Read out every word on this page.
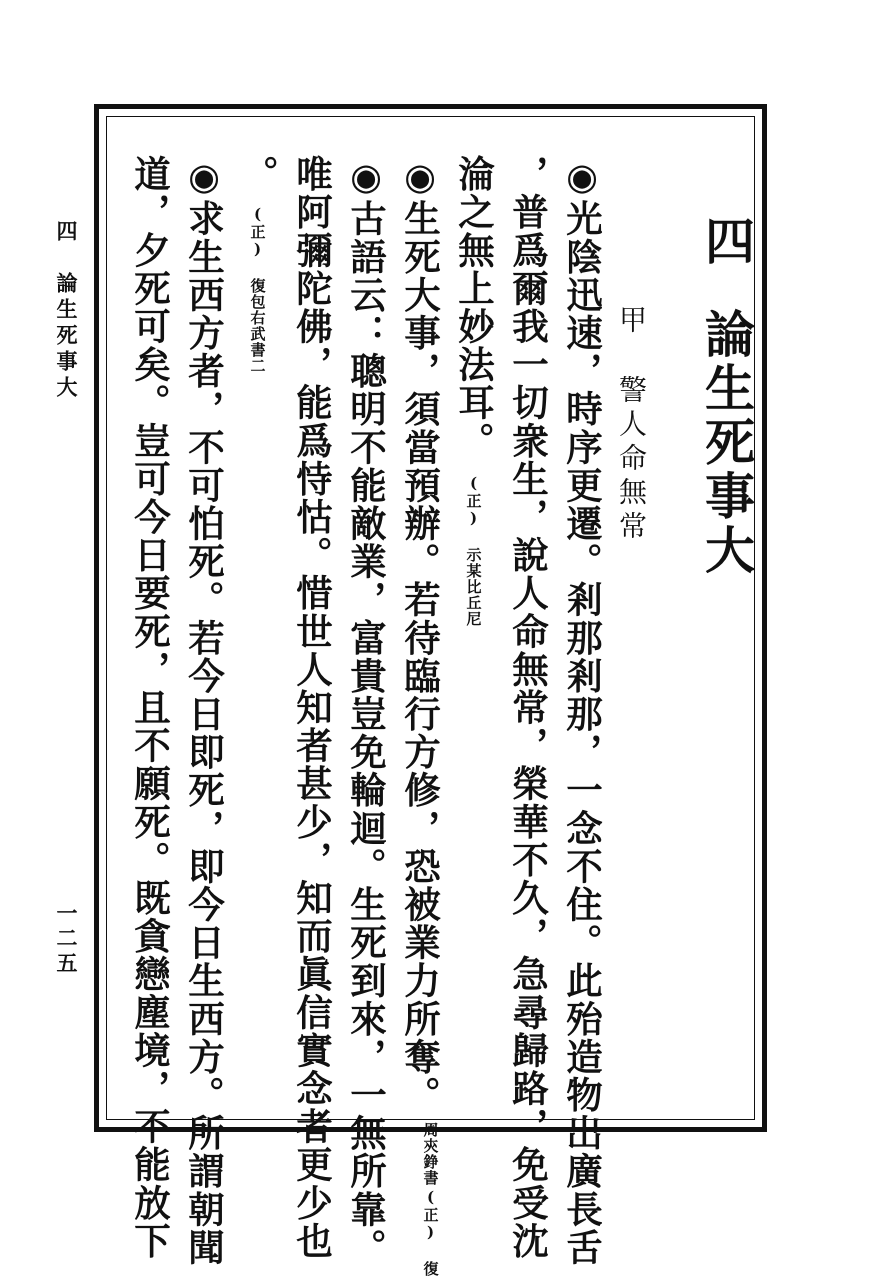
四　論生死事大
一二五
四
論生死事大
甲
警人命無常
◉光陰迅速，時序更遷。剎那剎那，一念不住。此殆造物出廣長舌
，普爲爾我一切衆生，說人命無常，榮華不久，急尋歸路，免受沈
淪之無上妙法耳。(正) 示某比丘尼
◉生死大事，須當預辦。若待臨行方修，恐被業力所奪。
(正) 復
周㚒錚書
◉古語云：聰明不能敵業，富貴豈免輪迴。生死到來，一無所靠。
唯阿彌陀佛，能爲恃怙。惜世人知者甚少，知而眞信實念者更少也
。(正) 復包右武書二
◉求生西方者，不可怕死。若今日即死，即今日生西方。所謂朝聞
道，夕死可矣。豈可今日要死，且不願死。既貪戀塵境，不能放下
